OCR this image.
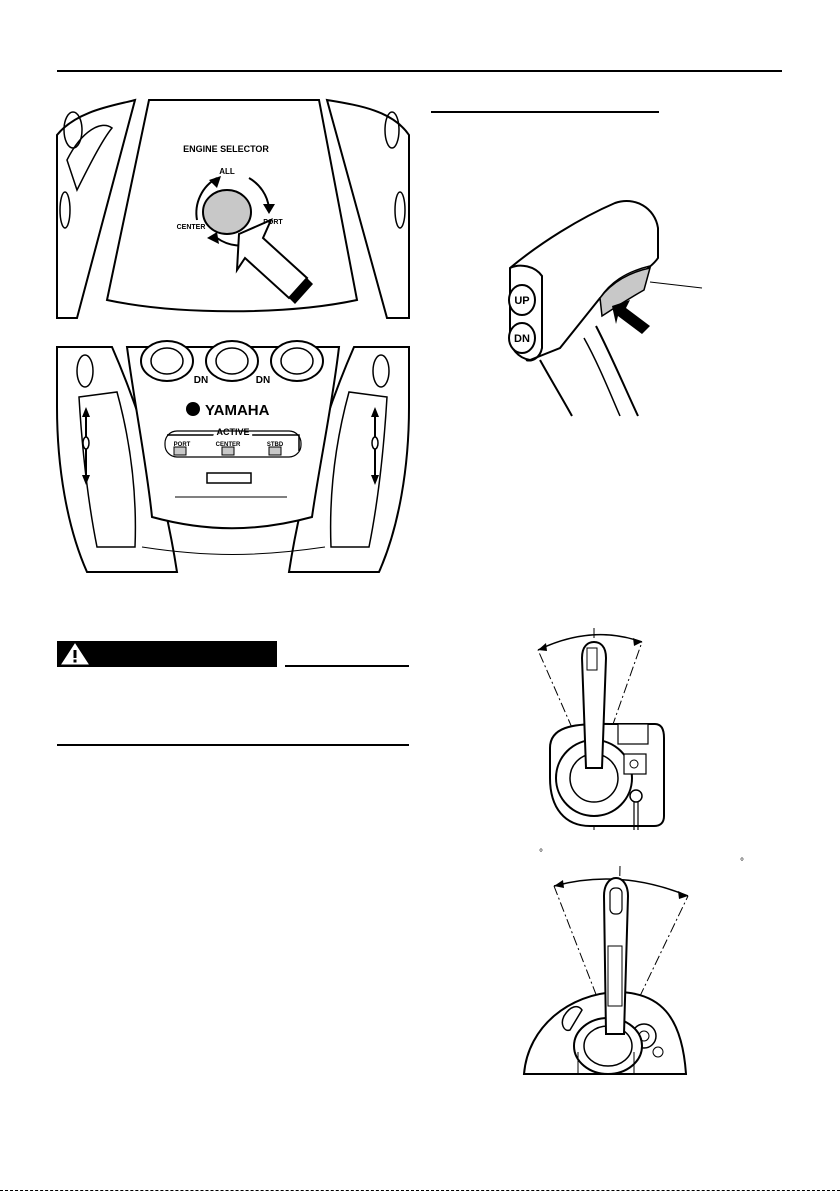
ENGINE SELECTOR
ALL
CENTER
PORT
DN	DN
YAMAHA
ACTIVE
PORT	CENTER	STBD
UP
DN
°
°
